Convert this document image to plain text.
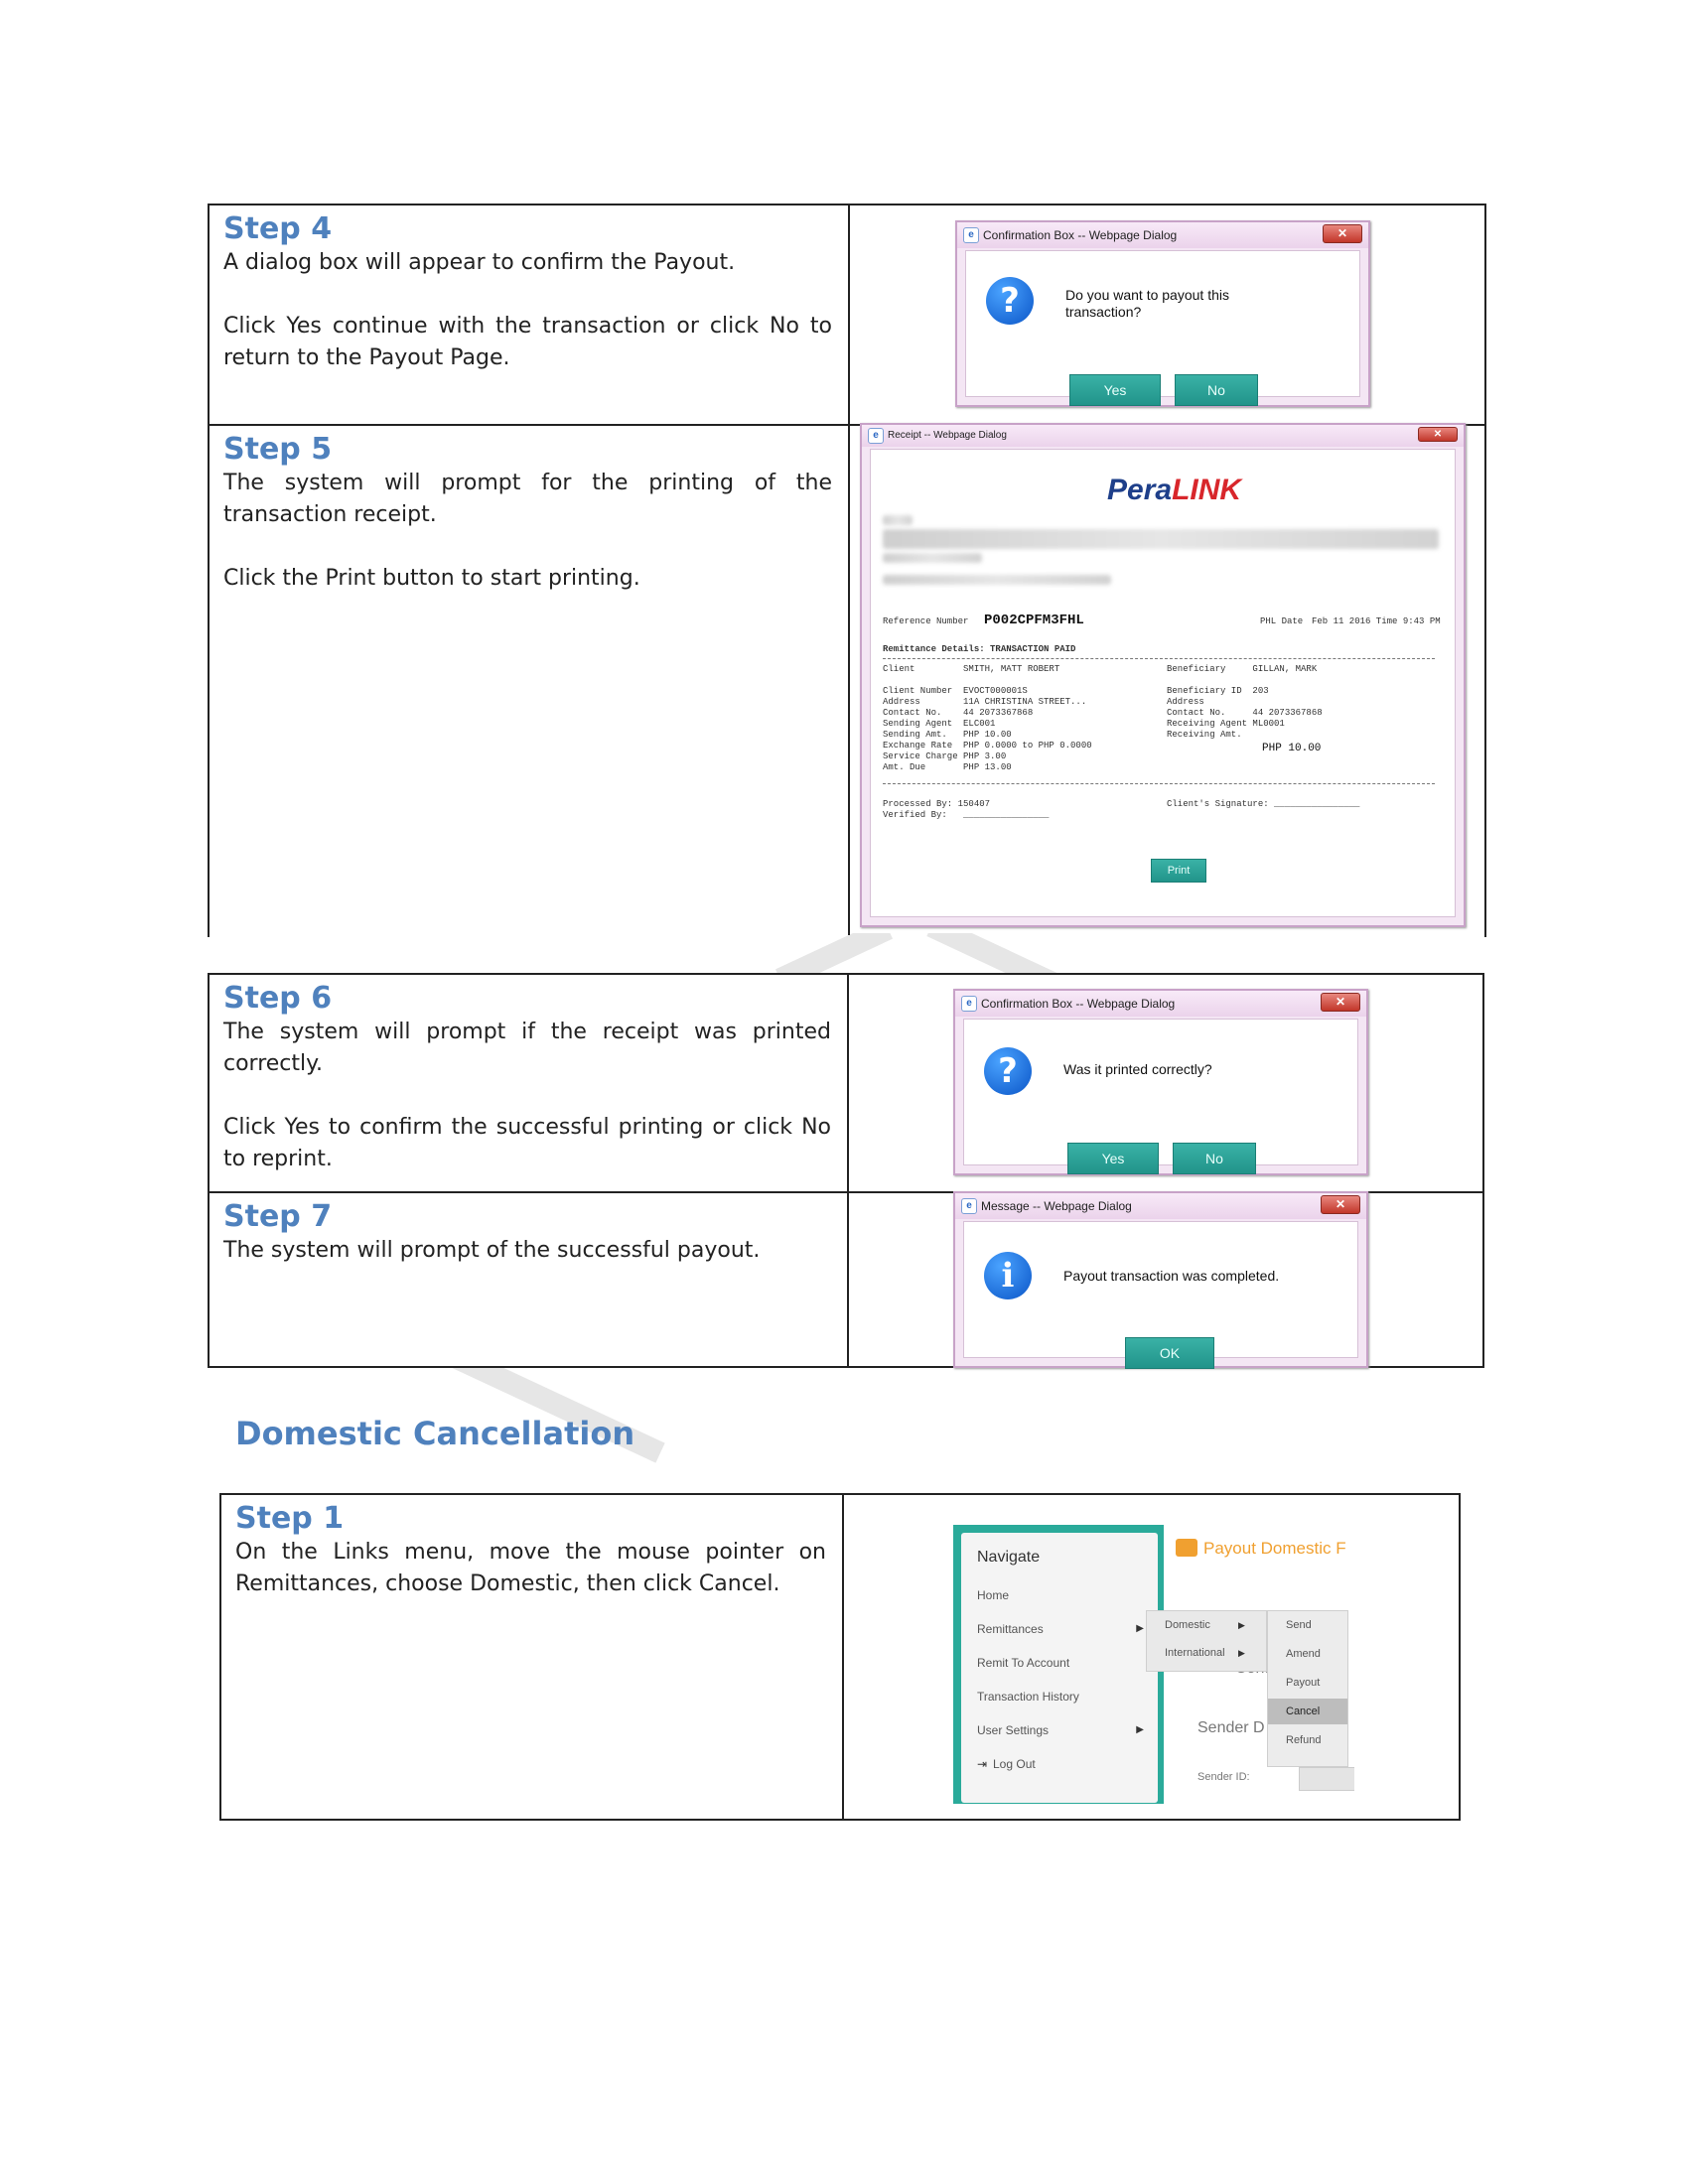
Step 4

A dialog box will appear to confirm the Payout.

Click Yes continue with the transaction or click No to return to the Payout Page.

Step 5

The system will prompt for the printing of the transaction receipt.

Click the Print button to start printing.

e Confirmation Box -- Webpage Dialog	✕
?	Do you want to payout this transaction?
Yes	No
e Receipt -- Webpage Dialog	✕
PeraLINK
Reference Number P002CPFM3FHL	PHL Date Feb 11 2016 Time 9:43 PM
Remittance Details: TRANSACTION PAID
Client         SMITH, MATT ROBERT

Client Number  EVOCT000001S
Address        11A CHRISTINA STREET...
Contact No.    44 2073367868
Sending Agent  ELC001
Sending Amt.   PHP 10.00
Exchange Rate  PHP 0.0000 to PHP 0.0000
Service Charge PHP 3.00
Amt. Due       PHP 13.00
Beneficiary     GILLAN, MARK

Beneficiary ID  203
Address
Contact No.     44 2073367868
Receiving Agent ML0001
Receiving Amt.
PHP 10.00
Processed By: 150407
Verified By:   ________________
Client's Signature: ________________
Print
Step 6

The system will prompt if the receipt was printed correctly.

Click Yes to confirm the successful printing or click No to reprint.

Step 7

The system will prompt of the successful payout.

e Confirmation Box -- Webpage Dialog	✕
?	Was it printed correctly?
Yes	No
e Message -- Webpage Dialog	✕
i	Payout transaction was completed.
OK
Domestic Cancellation
Step 1

On the Links menu, move the mouse pointer on Remittances, choose Domestic, then click Cancel.

Navigate
Home
Remittances	▶
Remit To Account
Transaction History
User Settings	▶
⇥ Log Out
Payout Domestic F
Sender D
Sender ID:
Domestic	▶
International ▶
Send
Amend
Payout
Cancel
Refund
